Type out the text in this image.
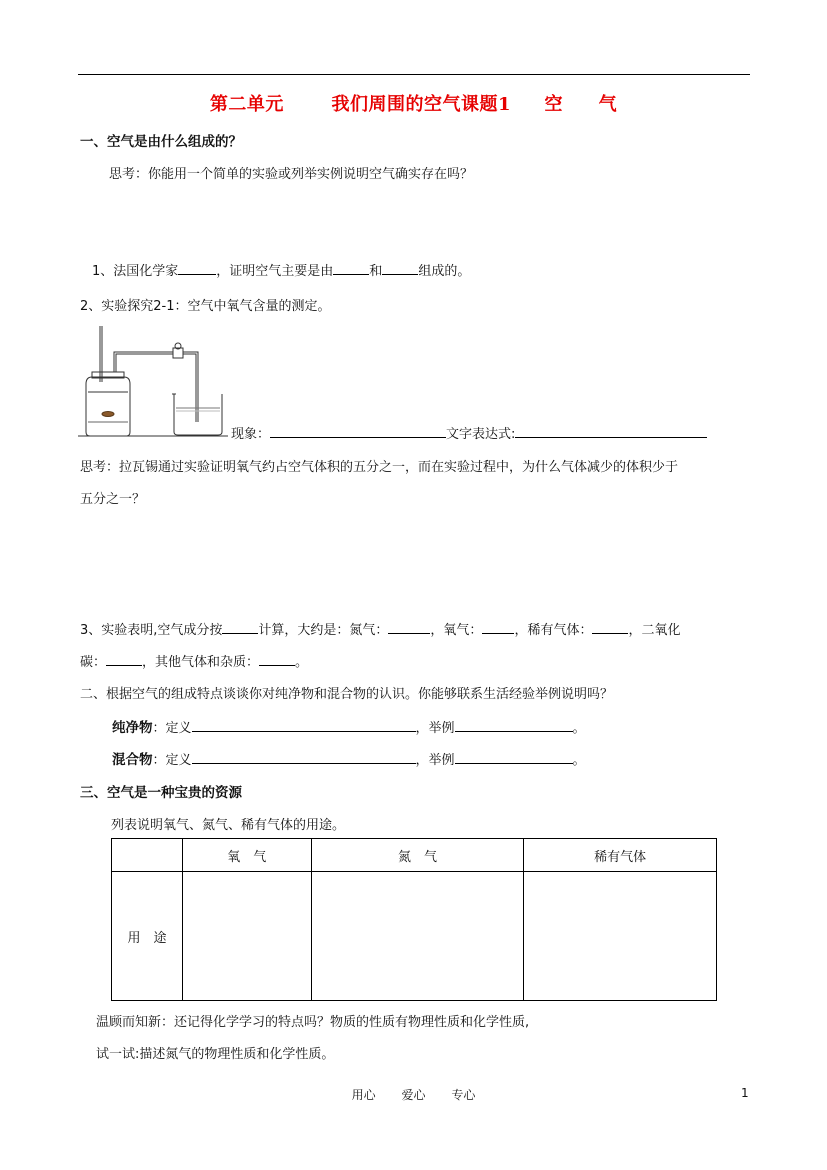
第二单元	我们周围的空气课题1 空 气
一、空气是由什么组成的？
思考：你能用一个简单的实验或列举实例说明空气确实存在吗？
1、法国化学家	，证明空气主要是由	和	组成的。
2、实验探究2-1：空气中氧气含量的测定。
现象：	文字表达式:
思考：拉瓦锡通过实验证明氧气约占空气体积的五分之一，而在实验过程中，为什么气体减少的体积少于
五分之一？
3、实验表明,空气成分按	计算，大约是：氮气：	，氧气： ，稀有气体：	，二氧化
碳：	，其他气体和杂质：	。
二、根据空气的组成特点谈谈你对纯净物和混合物的认识。你能够联系生活经验举例说明吗？
纯净物：定义	，举例	。
混合物：定义	，举例	。
三、空气是一种宝贵的资源
列表说明氧气、氮气、稀有气体的用途。
	氧　气	氮　气	稀有气体
用　途			
温顾而知新：还记得化学学习的特点吗？物质的性质有物理性质和化学性质,
试一试:描述氮气的物理性质和化学性质。
用心 爱心 专心	1
